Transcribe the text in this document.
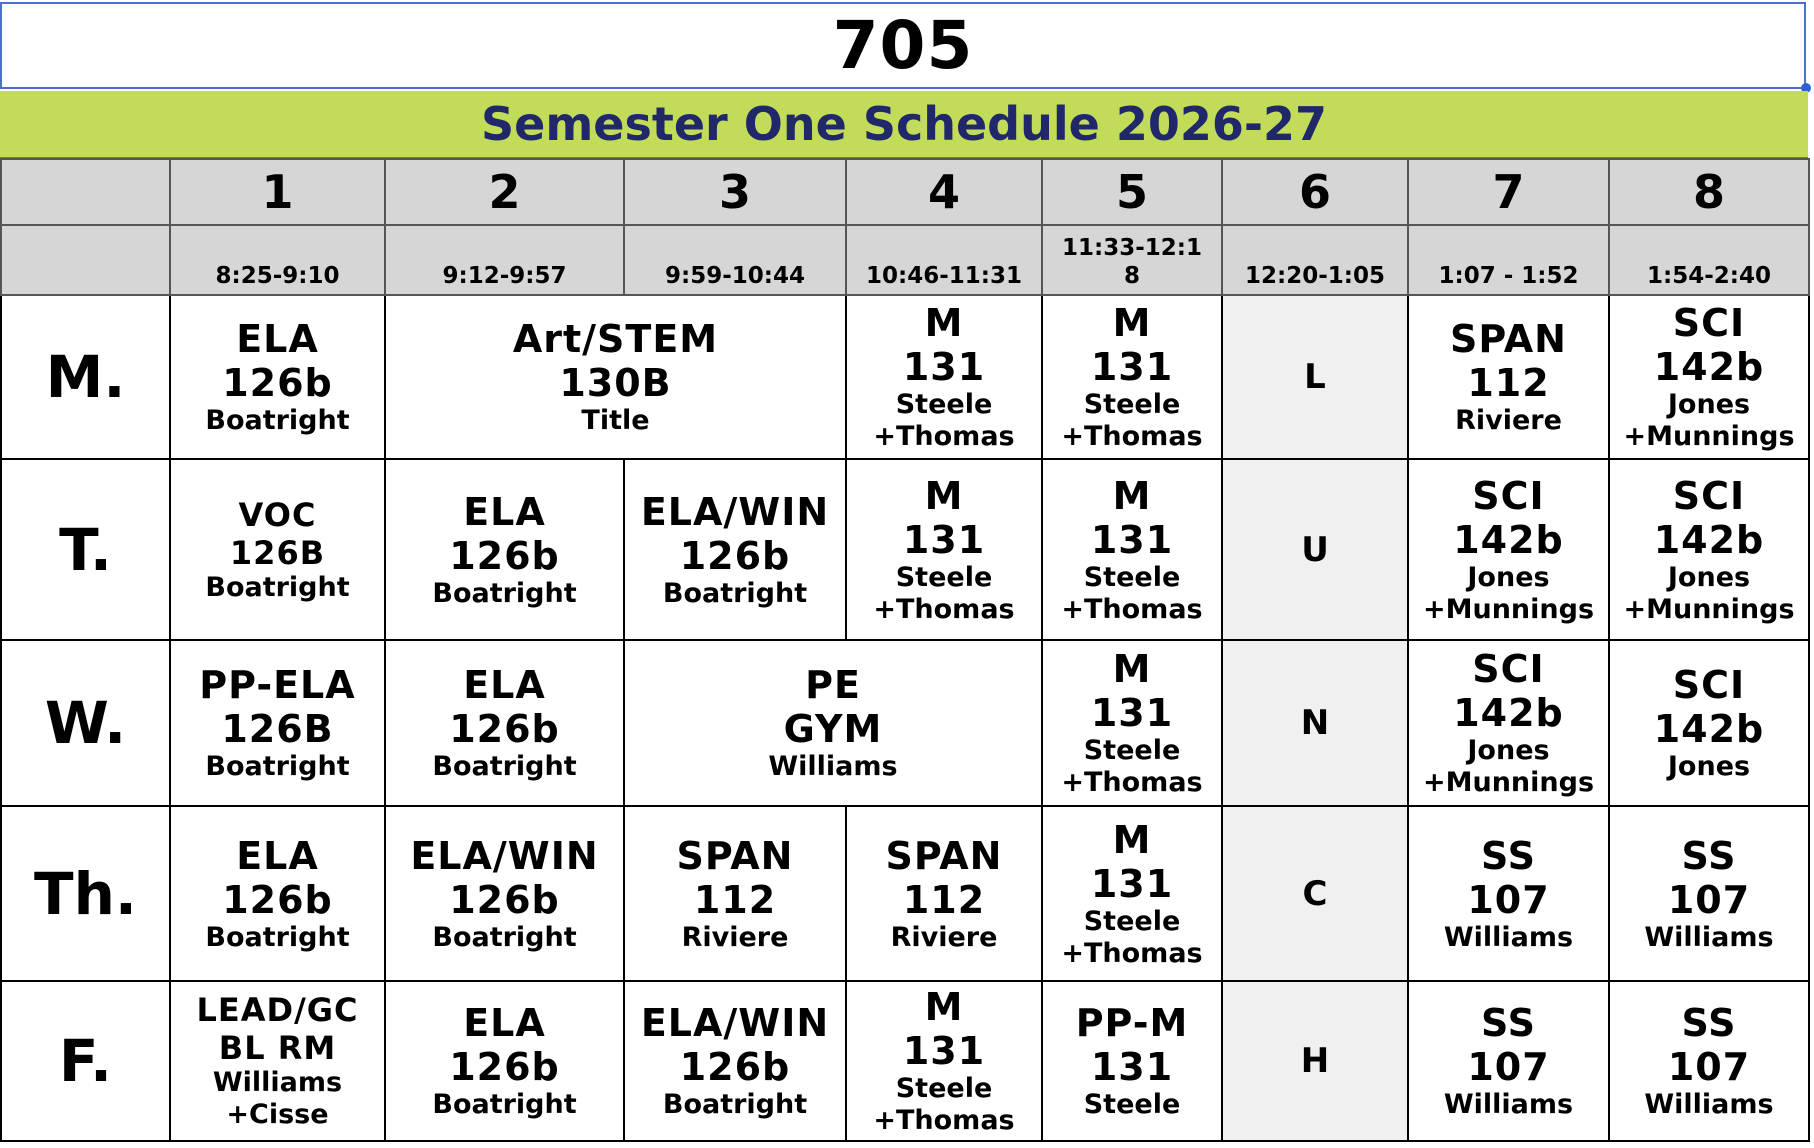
705
Semester One Schedule 2026-27
	1	2	3	4	5	6	7	8

	8:25-9:10	9:12-9:57	9:59-10:44	10:46-11:31	11:33-12:1
8	12:20-1:05	1:07 - 1:52	1:54-2:40

M.	ELA
126b
Boatright	Art/STEM
130B
Title		M
131
Steele
+Thomas	M
131
Steele
+Thomas	L	SPAN
112
Riviere	SCI
142b
Jones
+Munnings

T.	VOC
126B
Boatright	ELA
126b
Boatright	ELA/WIN
126b
Boatright	M
131
Steele
+Thomas	M
131
Steele
+Thomas	U	SCI
142b
Jones
+Munnings	SCI
142b
Jones
+Munnings

W.	PP-ELA
126B
Boatright	ELA
126b
Boatright	PE
GYM
Williams		M
131
Steele
+Thomas	N	SCI
142b
Jones
+Munnings	SCI
142b
Jones

Th.	ELA
126b
Boatright	ELA/WIN
126b
Boatright	SPAN
112
Riviere	SPAN
112
Riviere	M
131
Steele
+Thomas	C	SS
107
Williams	SS
107
Williams

F.	LEAD/GC
BL RM
Williams
+Cisse	ELA
126b
Boatright	ELA/WIN
126b
Boatright	M
131
Steele
+Thomas	PP-M
131
Steele	H	SS
107
Williams	SS
107
Williams
